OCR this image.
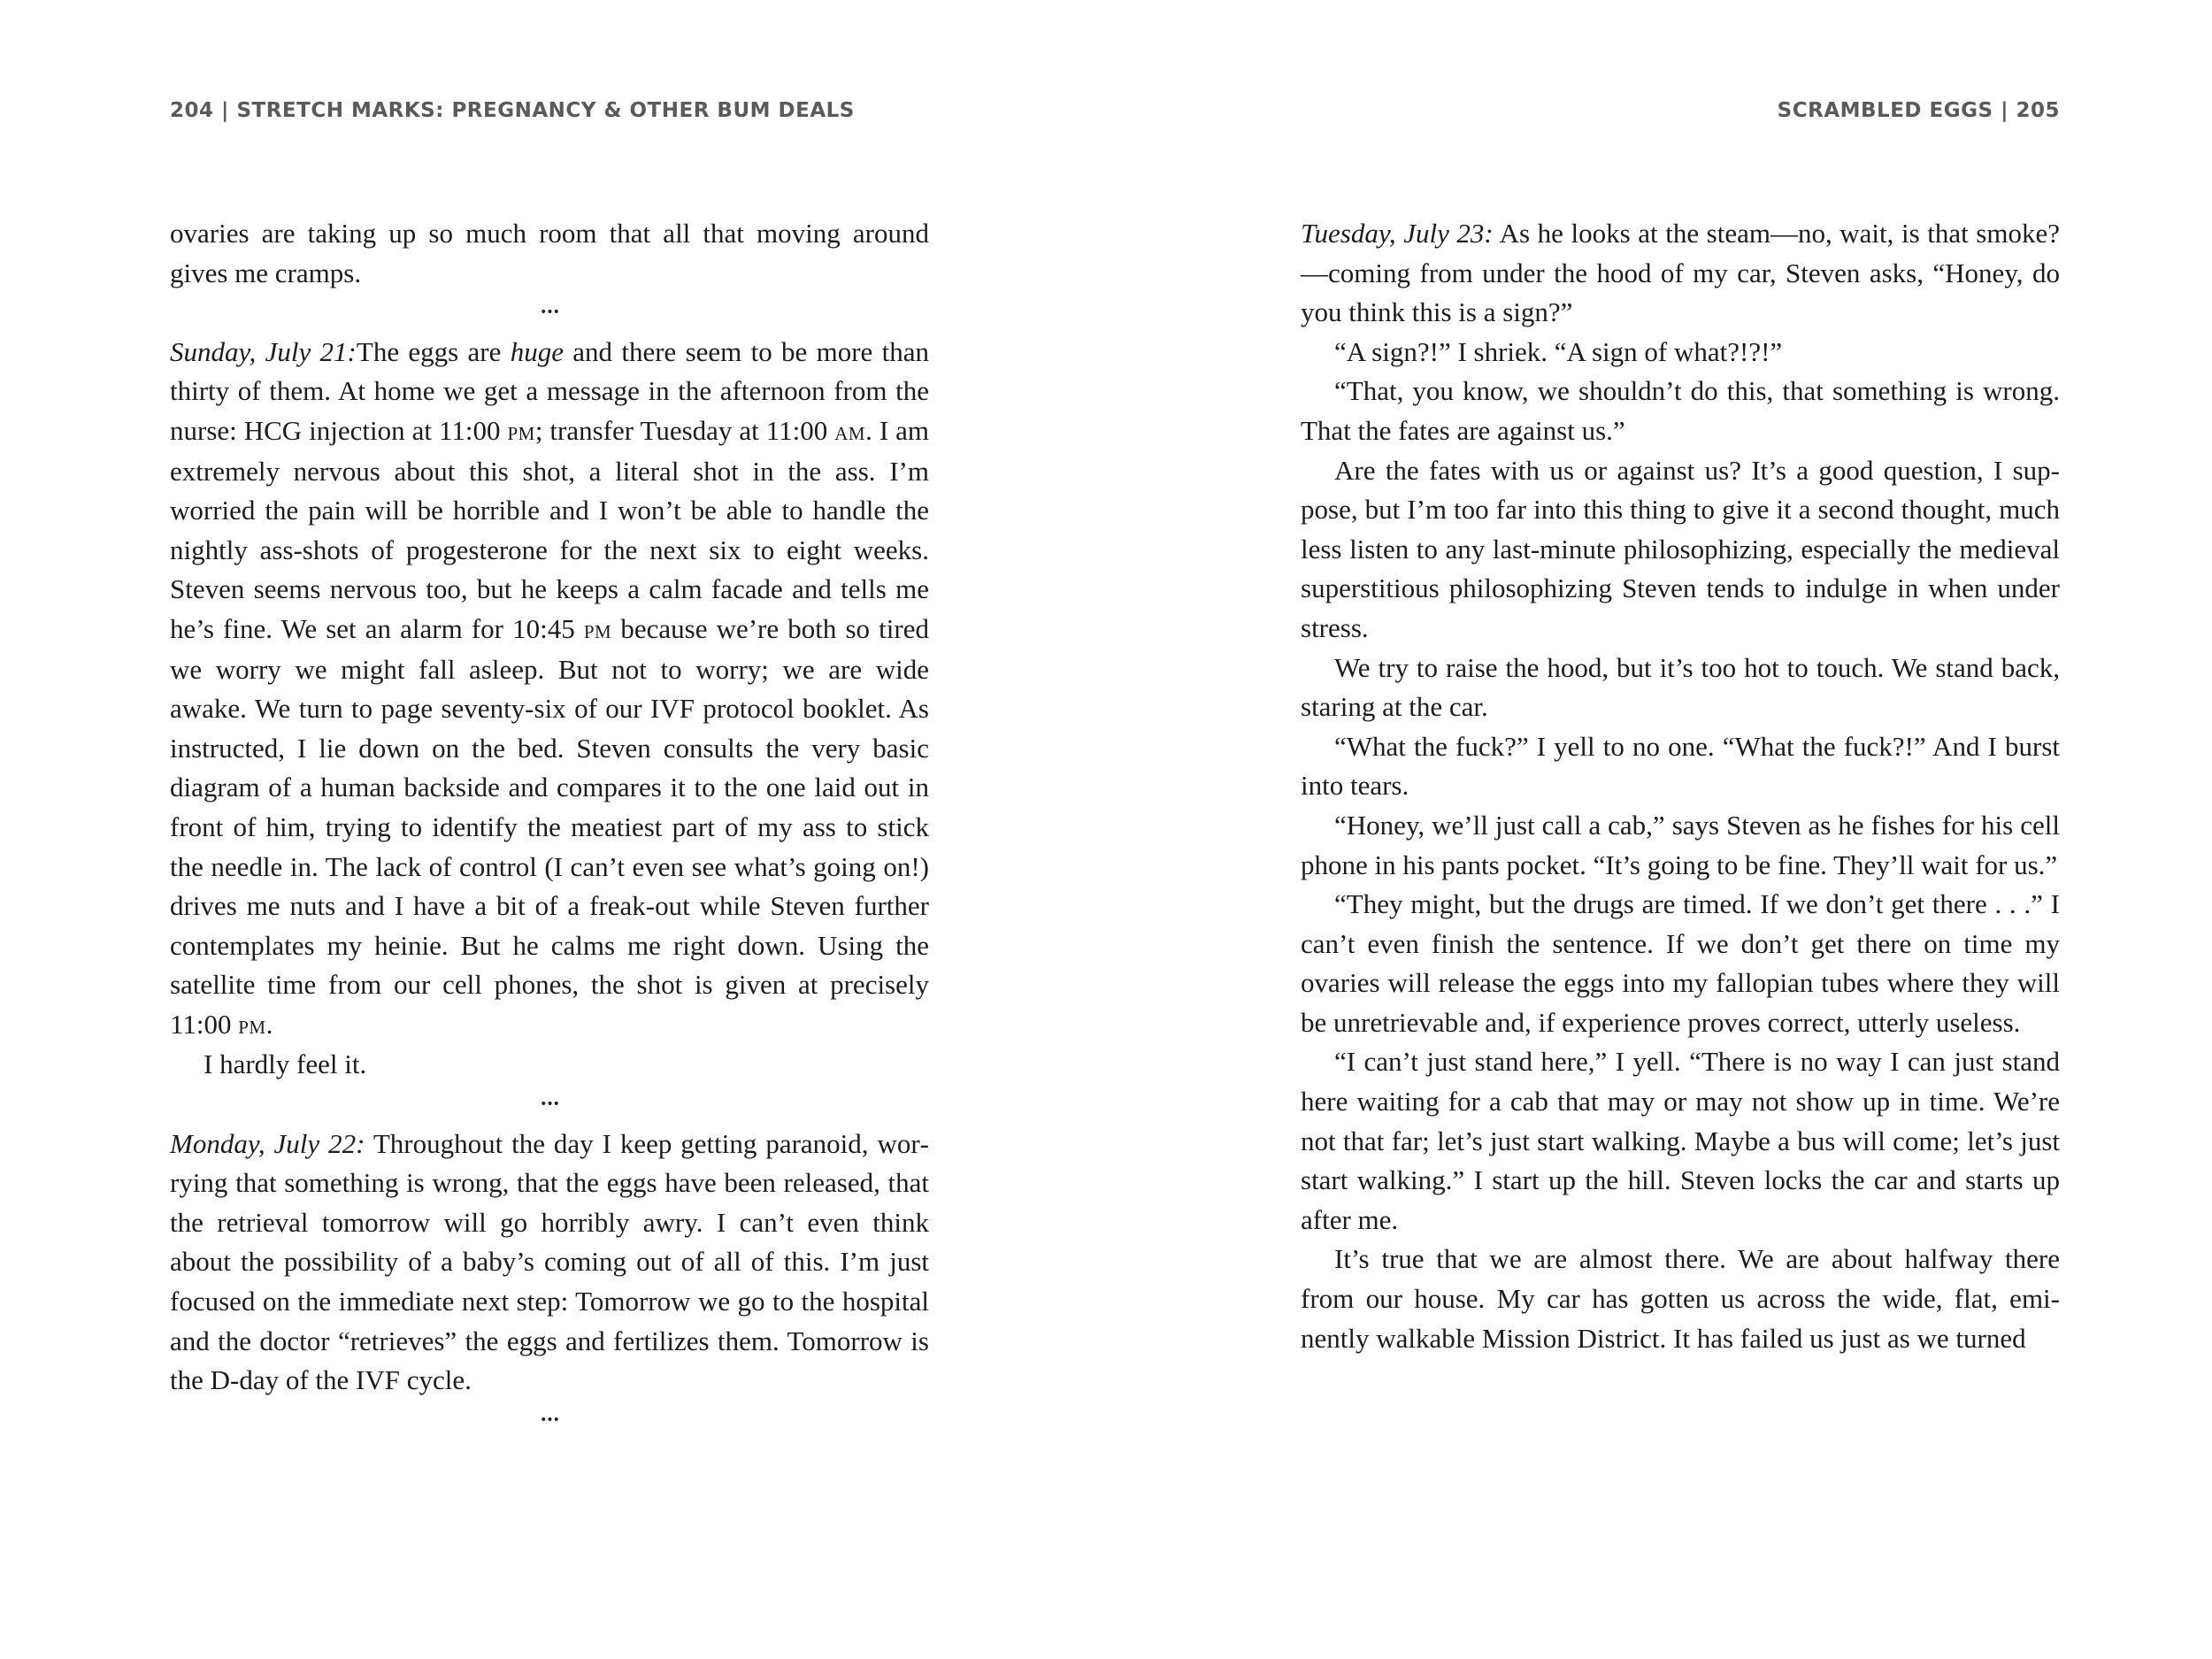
204 | STRETCH MARKS: PREGNANCY & OTHER BUM DEALS

ovaries are taking up so much room that all that moving around gives me cramps.

•••

Sunday, July 21:The eggs are huge and there seem to be more than thirty of them. At home we get a message in the afternoon from the nurse: HCG injection at 11:00 pm; transfer Tuesday at 11:00 am. I am extremely nervous about this shot, a literal shot in the ass. I’m worried the pain will be horrible and I won’t be able to handle the nightly ass-shots of progesterone for the next six to eight weeks. Steven seems nervous too, but he keeps a calm facade and tells me he’s fine. We set an alarm for 10:45 pm because we’re both so tired we worry we might fall asleep. But not to worry; we are wide awake. We turn to page seventy-six of our IVF protocol booklet. As instructed, I lie down on the bed. Steven consults the very basic diagram of a human backside and compares it to the one laid out in front of him, trying to identify the meatiest part of my ass to stick the needle in. The lack of control (I can’t even see what’s going on!) drives me nuts and I have a bit of a freak-out while Steven further contemplates my heinie. But he calms me right down. Using the satellite time from our cell phones, the shot is given at precisely 11:00 pm.

I hardly feel it.

•••

Monday, July 22: Throughout the day I keep getting paranoid, worrying that something is wrong, that the eggs have been released, that the retrieval tomorrow will go horribly awry. I can’t even think about the possibility of a baby’s coming out of all of this. I’m just focused on the immediate next step: Tomorrow we go to the hospital and the doctor “retrieves” the eggs and fertilizes them. Tomorrow is the D-day of the IVF cycle.

•••
SCRAMBLED EGGS | 205

Tuesday, July 23: As he looks at the steam—no, wait, is that smoke?—coming from under the hood of my car, Steven asks, “Honey, do you think this is a sign?”

“A sign?!” I shriek. “A sign of what?!?!”

“That, you know, we shouldn’t do this, that something is wrong. That the fates are against us.”

Are the fates with us or against us? It’s a good question, I suppose, but I’m too far into this thing to give it a second thought, much less listen to any last-minute philosophizing, especially the medieval superstitious philosophizing Steven tends to indulge in when under stress.

We try to raise the hood, but it’s too hot to touch. We stand back, staring at the car.

“What the fuck?” I yell to no one. “What the fuck?!” And I burst into tears.

“Honey, we’ll just call a cab,” says Steven as he fishes for his cell phone in his pants pocket. “It’s going to be fine. They’ll wait for us.”

“They might, but the drugs are timed. If we don’t get there . . .” I can’t even finish the sentence. If we don’t get there on time my ovaries will release the eggs into my fallopian tubes where they will be unretrievable and, if experience proves correct, utterly useless.

“I can’t just stand here,” I yell. “There is no way I can just stand here waiting for a cab that may or may not show up in time. We’re not that far; let’s just start walking. Maybe a bus will come; let’s just start walking.” I start up the hill. Steven locks the car and starts up after me.

It’s true that we are almost there. We are about halfway there from our house. My car has gotten us across the wide, flat, eminently walkable Mission District. It has failed us just as we turned
